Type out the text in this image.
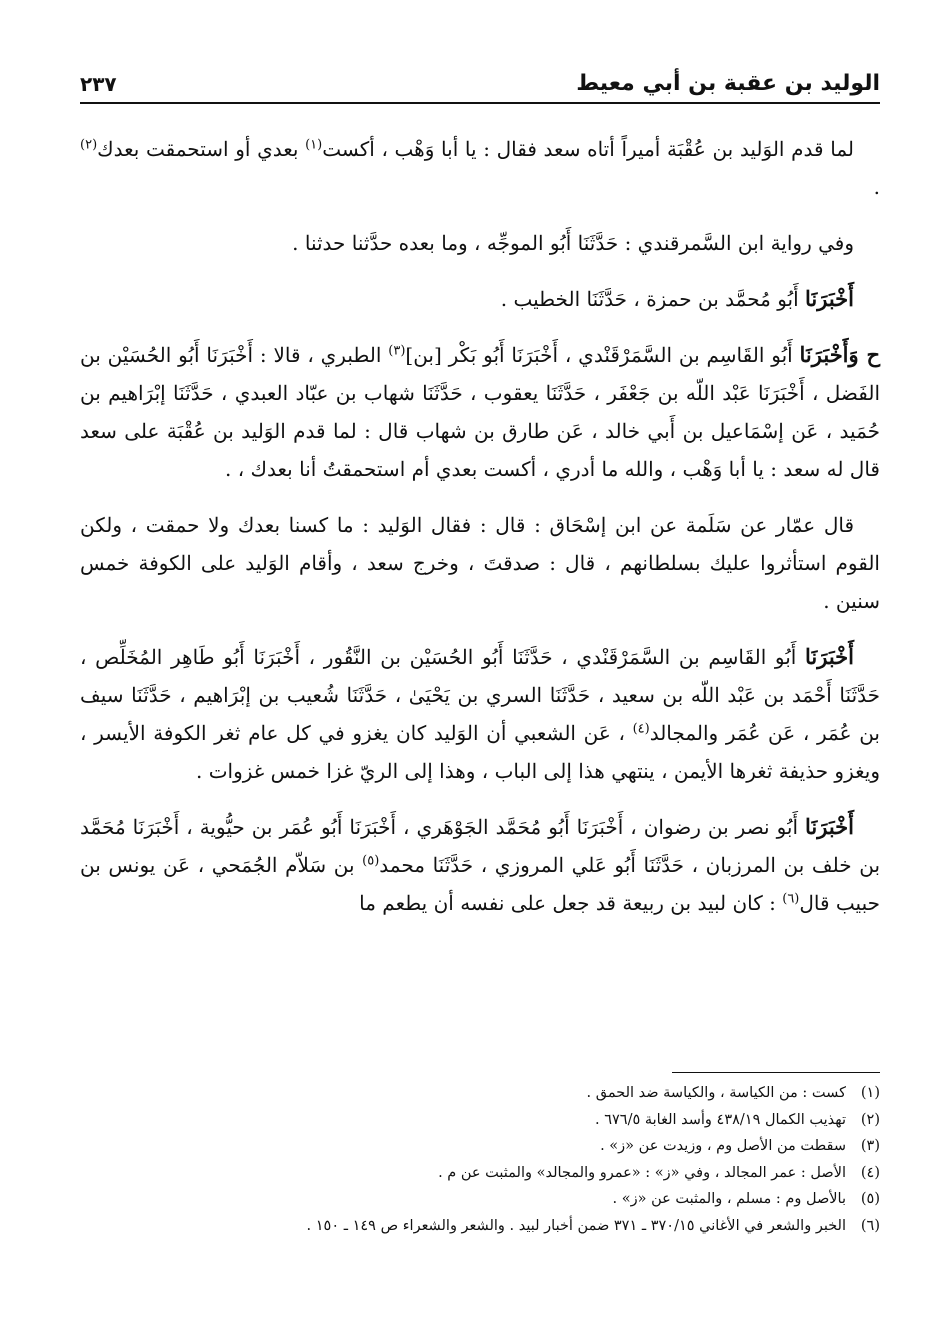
الوليد بن عقبة بن أبي معيط
٢٣٧

لما قدم الوَليد بن عُقْبَة أميراً أتاه سعد فقال : يا أبا وَهْب ، أكست$^{(١)}$ بعدي أو استحمقت بعدك$^{(٢)}$ .

وفي رواية ابن السَّمرقندي : حَدَّثَنَا أَبُو الموجِّه ، وما بعده حدَّثنا حدثنا .

أَخْبَرَنَا أَبُو مُحمَّد بن حمزة ، حَدَّثَنَا الخطيب .

ح وَأَخْبَرَنَا أَبُو القَاسِم بن السَّمَرْقَنْدي ، أَخْبَرَنَا أَبُو بَكْر [بن]$^{(٣)}$ الطبري ، قالا : أَخْبَرَنَا أَبُو الحُسَيْن بن الفَضل ، أَخْبَرَنَا عَبْد اللّه بن جَعْفَر ، حَدَّثَنَا يعقوب ، حَدَّثَنَا شهاب بن عبّاد العبدي ، حَدَّثَنَا إبْرَاهيم بن حُمَيد ، عَن إسْمَاعيل بن أَبي خالد ، عَن طارق بن شهاب قال : لما قدم الوَليد بن عُقْبَة على سعد قال له سعد : يا أبا وَهْب ، والله ما أدري ، أكست بعدي أم استحمقتُ أنا بعدك ، .

قال عمّار عن سَلَمة عن ابن إسْحَاق : قال : فقال الوَليد : ما كسنا بعدك ولا حمقت ، ولكن القوم استأثروا عليك بسلطانهم ، قال : صدقتَ ، وخرج سعد ، وأقام الوَليد على الكوفة خمس سنين .

أَخْبَرَنَا أَبُو القَاسِم بن السَّمَرْقَنْدي ، حَدَّثَنَا أَبُو الحُسَيْن بن النَّقُور ، أَخْبَرَنَا أَبُو طَاهِر المُخَلِّص ، حَدَّثَنَا أَحْمَد بن عَبْد اللّه بن سعيد ، حَدَّثَنَا السري بن يَحْيَىٰ ، حَدَّثَنَا شُعيب بن إبْرَاهيم ، حَدَّثَنَا سيف بن عُمَر ، عَن عُمَر والمجالد$^{(٤)}$ ، عَن الشعبي أن الوَليد كان يغزو في كل عام ثغر الكوفة الأيسر ، ويغزو حذيفة ثغرها الأيمن ، ينتهي هذا إلى الباب ، وهذا إلى الريّ غزا خمس غزوات .

أَخْبَرَنَا أَبُو نصر بن رضوان ، أَخْبَرَنَا أَبُو مُحَمَّد الجَوْهَري ، أَخْبَرَنَا أَبُو عُمَر بن حيُّوية ، أَخْبَرَنَا مُحَمَّد بن خلف بن المرزبان ، حَدَّثَنَا أَبُو عَلي المروزي ، حَدَّثَنَا محمد$^{(٥)}$ بن سَلاّم الجُمَحي ، عَن يونس بن حبيب قال$^{(٦)}$ : كان لبيد بن ربيعة قد جعل على نفسه أن يطعم ما

(١)
كست : من الكياسة ، والكياسة ضد الحمق .
(٢)
تهذيب الكمال ٤٣٨/١٩ وأسد الغابة ٦٧٦/٥ .
(٣)
سقطت من الأصل وم ، وزيدت عن «ز» .
(٤)
الأصل : عمر المجالد ، وفي «ز» : «عمرو والمجالد» والمثبت عن م .
(٥)
بالأصل وم : مسلم ، والمثبت عن «ز» .
(٦)
الخبر والشعر في الأغاني ٣٧٠/١٥ ـ ٣٧١ ضمن أخبار لبيد . والشعر والشعراء ص ١٤٩ ـ ١٥٠ .
